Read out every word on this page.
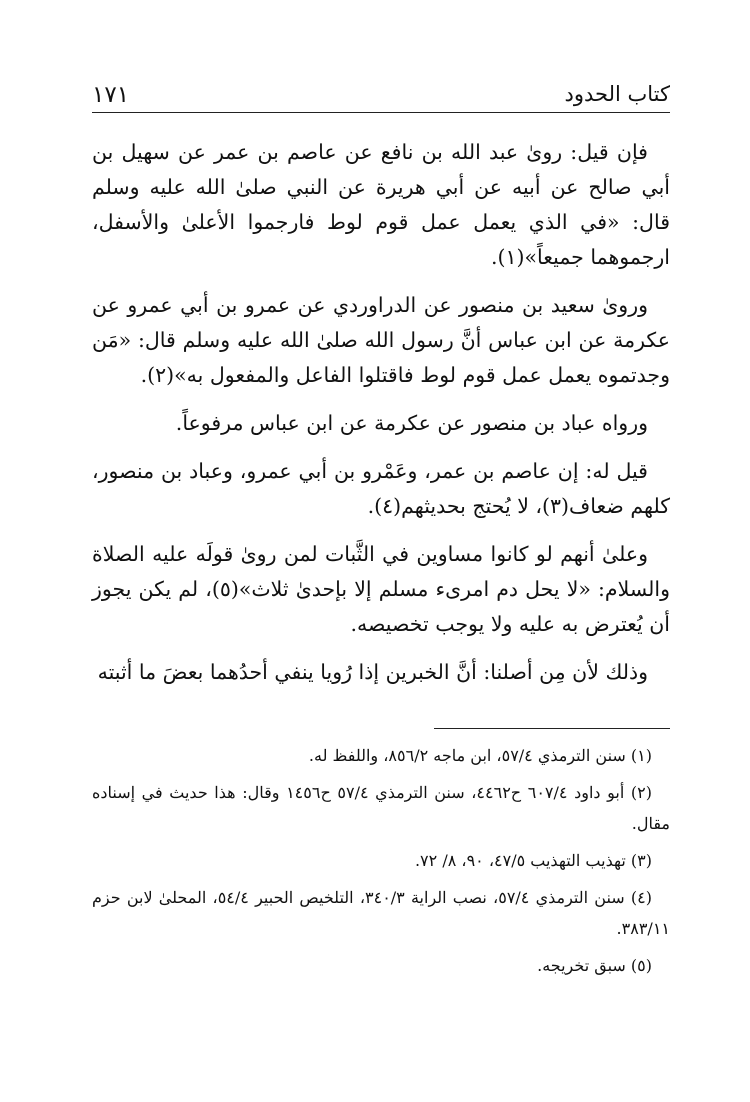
كتاب الحدود
١٧١

فإن قيل: روىٰ عبد الله بن نافع عن عاصم بن عمر عن سهيل بن أبي صالح عن أبيه عن أبي هريرة عن النبي صلىٰ الله عليه وسلم قال: «في الذي يعمل عمل قوم لوط فارجموا الأعلىٰ والأسفل، ارجموهما جميعاً»(١).

وروىٰ سعيد بن منصور عن الدراوردي عن عمرو بن أبي عمرو عن عكرمة عن ابن عباس أنَّ رسول الله صلىٰ الله عليه وسلم قال: «مَن وجدتموه يعمل عمل قوم لوط فاقتلوا الفاعل والمفعول به»(٢).

ورواه عباد بن منصور عن عكرمة عن ابن عباس مرفوعاً.

قيل له: إن عاصم بن عمر، وعَمْرو بن أبي عمرو، وعباد بن منصور، كلهم ضعاف(٣)، لا يُحتج بحديثهم(٤).

وعلىٰ أنهم لو كانوا مساوين في الثَّبات لمن روىٰ قولَه عليه الصلاة والسلام: «لا يحل دم امرىء مسلم إلا بإحدىٰ ثلاث»(٥)، لم يكن يجوز أن يُعترض به عليه ولا يوجب تخصيصه.

وذلك لأن مِن أصلنا: أنَّ الخبرين إذا رُويا ينفي أحدُهما بعضَ ما أثبته

(١) سنن الترمذي ٥٧/٤، ابن ماجه ٨٥٦/٢، واللفظ له.

(٢) أبو داود ٦٠٧/٤ ح٤٤٦٢، سنن الترمذي ٥٧/٤ ح١٤٥٦ وقال: هذا حديث في إسناده مقال.

(٣) تهذيب التهذيب ٤٧/٥، ٩٠، ٨/ ٧٢.

(٤) سنن الترمذي ٥٧/٤، نصب الراية ٣٤٠/٣، التلخيص الحبير ٥٤/٤، المحلىٰ لابن حزم ٣٨٣/١١.

(٥) سبق تخريجه.
